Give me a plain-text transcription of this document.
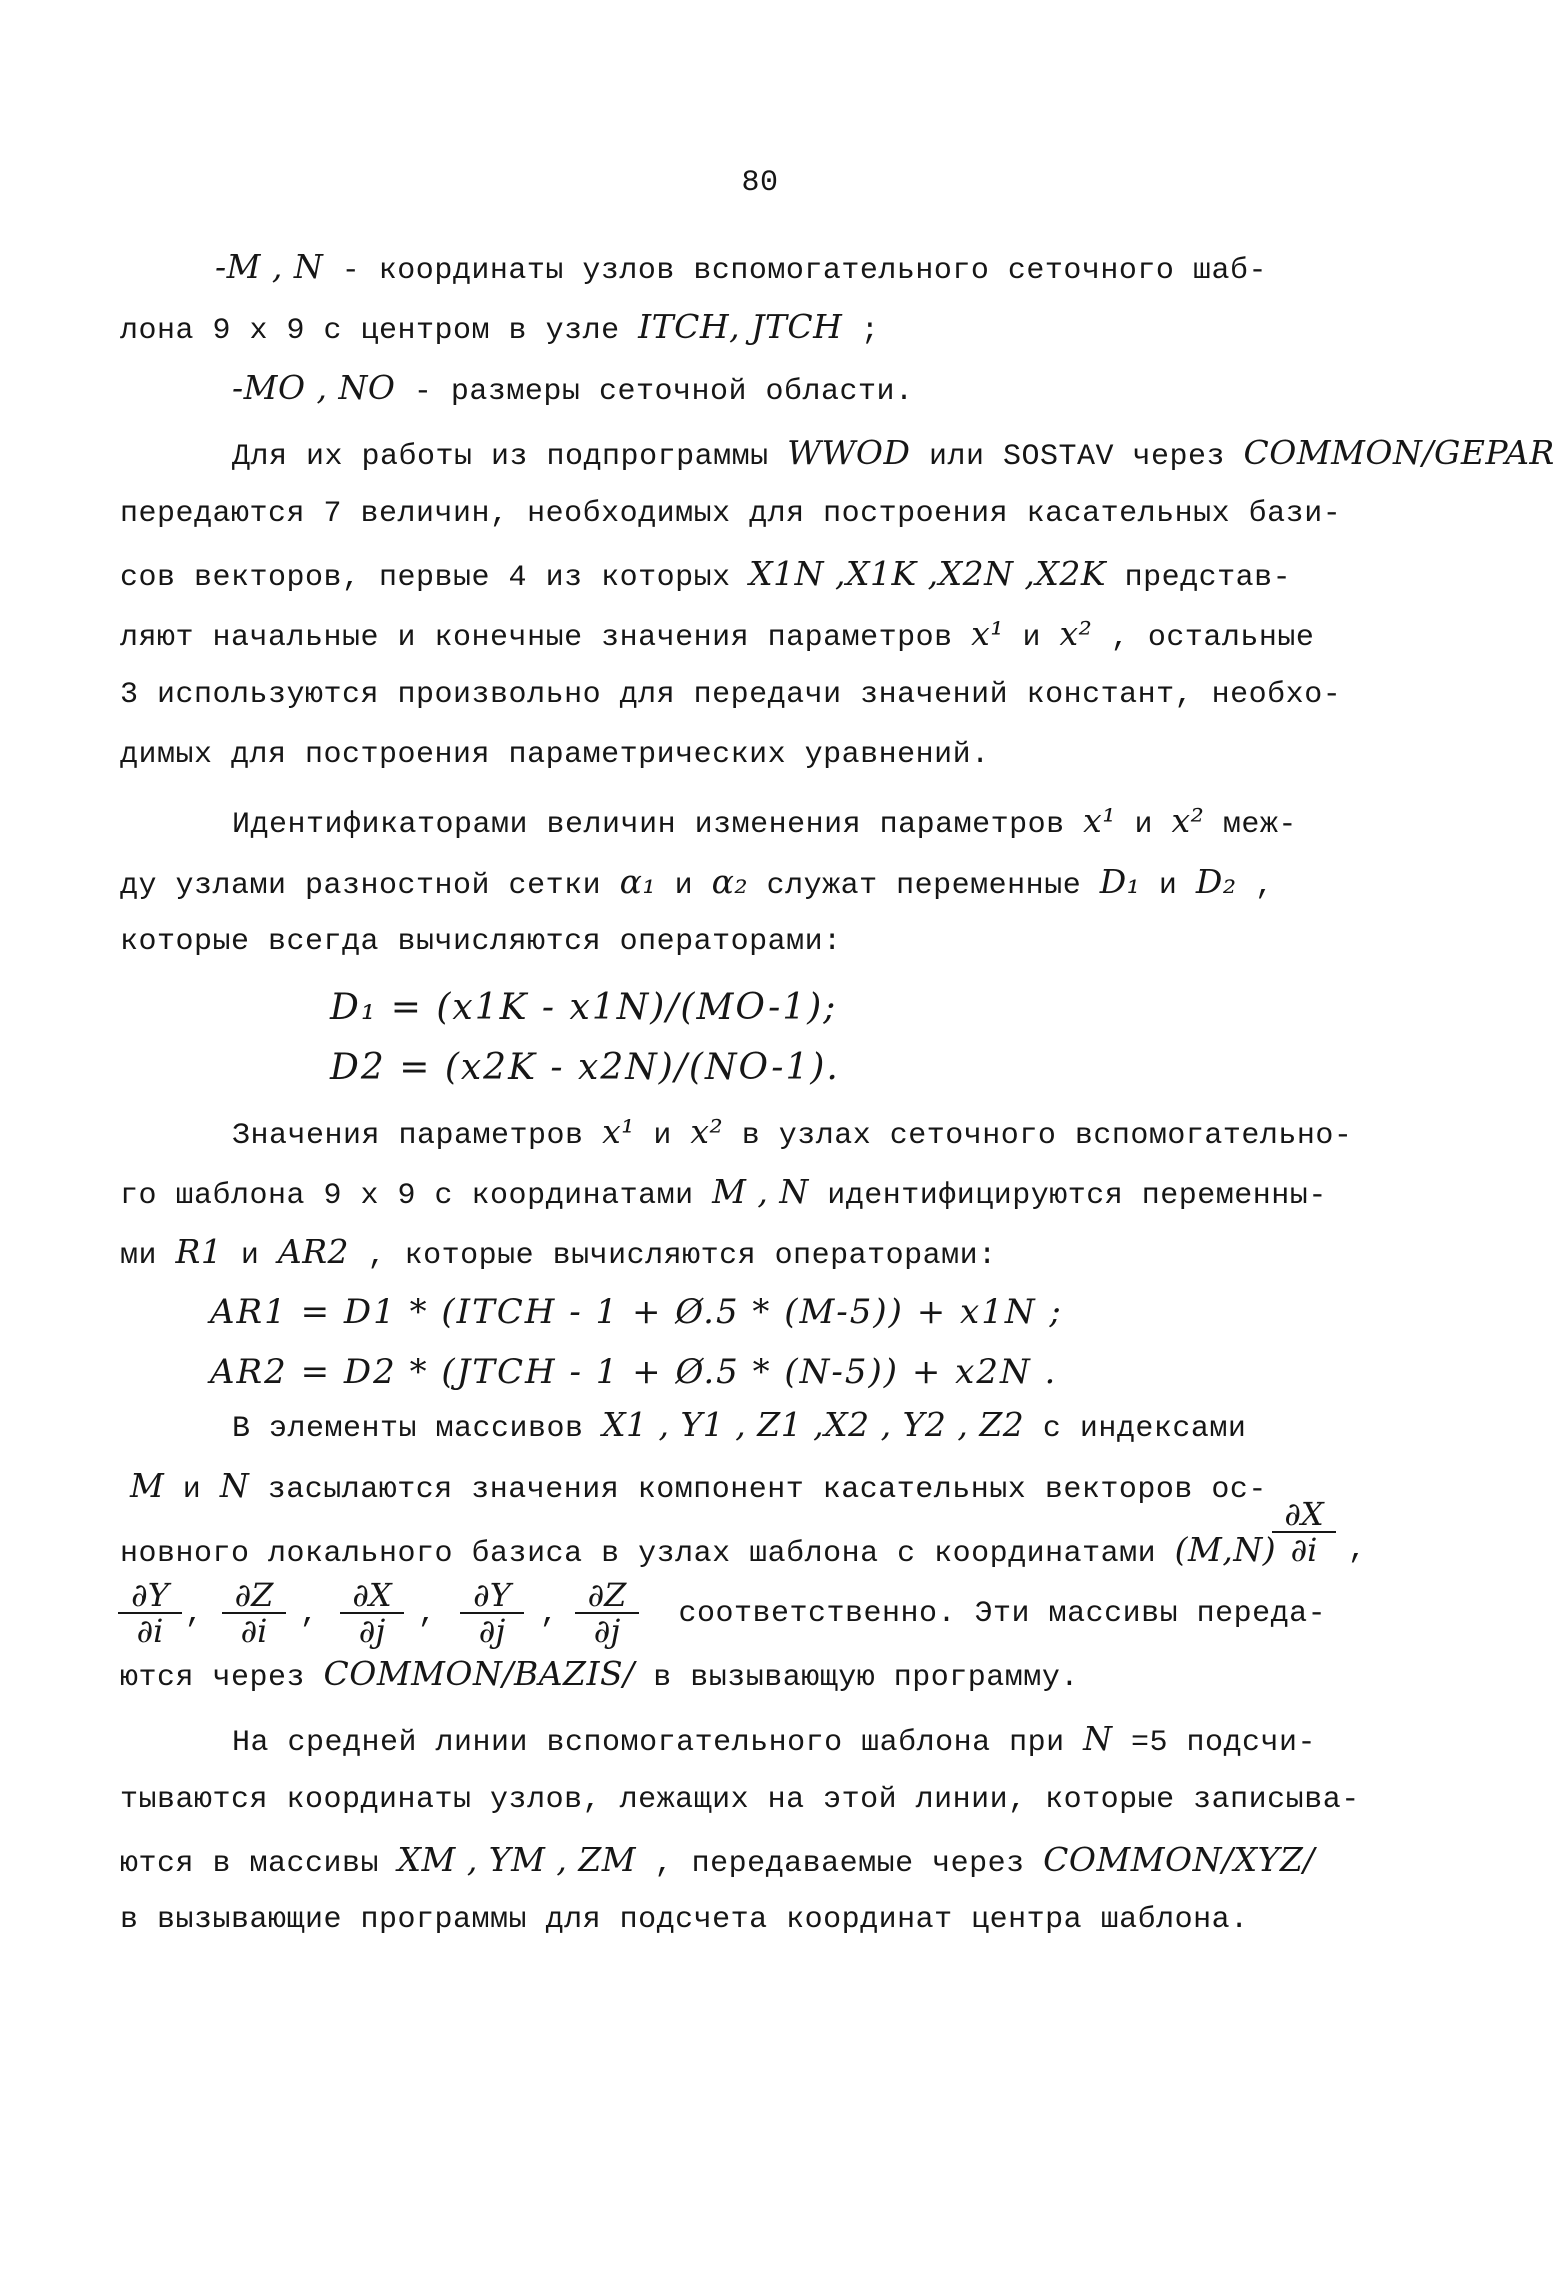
80
-M , N - координаты узлов вспомогательного сеточного шаб-
лона 9 х 9 с центром в узле ITCH, JTCH ;
-MO , NO - размеры сеточной области.
Для их работы из подпрограммы WWOD или SOSTAV через COMMON/GEPAR
передаются 7 величин, необходимых для построения касательных бази-
сов векторов, первые 4 из которых X1N ,X1K ,X2N ,X2K представ-
ляют начальные и конечные значения параметров x¹ и x² , остальные
3 используются произвольно для передачи значений констант, необхо-
димых для построения параметрических уравнений.
Идентификаторами величин изменения параметров x¹ и x² меж-
ду узлами разностной сетки α₁ и α₂ служат переменные D₁ и D₂ ,
которые всегда вычисляются операторами:
D₁ = (x1K - x1N)/(MO-1);
D2 = (x2K - x2N)/(NO-1).
Значения параметров x¹ и x² в узлах сеточного вспомогательно-
го шаблона 9 х 9 с координатами M , N идентифицируются переменны-
ми R1 и AR2 , которые вычисляются операторами:
AR1 = D1 * (ITCH - 1 + Ø.5 * (M-5)) + x1N ;
AR2 = D2 * (JTCH - 1 + Ø.5 * (N-5)) + x2N .
В элементы массивов X1 , Y1 , Z1 ,X2 , Y2 , Z2 с индексами
M и N засылаются значения компонент касательных векторов ос-
новного локального базиса в узлах шаблона с координатами (M,N)
$\frac{\partial X}{\partial i}$ ,
$\frac{\partial Y}{\partial i}$ , $\frac{\partial Z}{\partial i}$ , $\frac{\partial X}{\partial j}$ , $\frac{\partial Y}{\partial j}$ , $\frac{\partial Z}{\partial j}$ соответственно. Эти массивы переда-
ются через COMMON/BAZIS/ в вызывающую программу.
На средней линии вспомогательного шаблона при N =5 подсчи-
тываются координаты узлов, лежащих на этой линии, которые записыва-
ются в массивы XM , YM , ZM , передаваемые через COMMON/XYZ/
в вызывающие программы для подсчета координат центра шаблона.
